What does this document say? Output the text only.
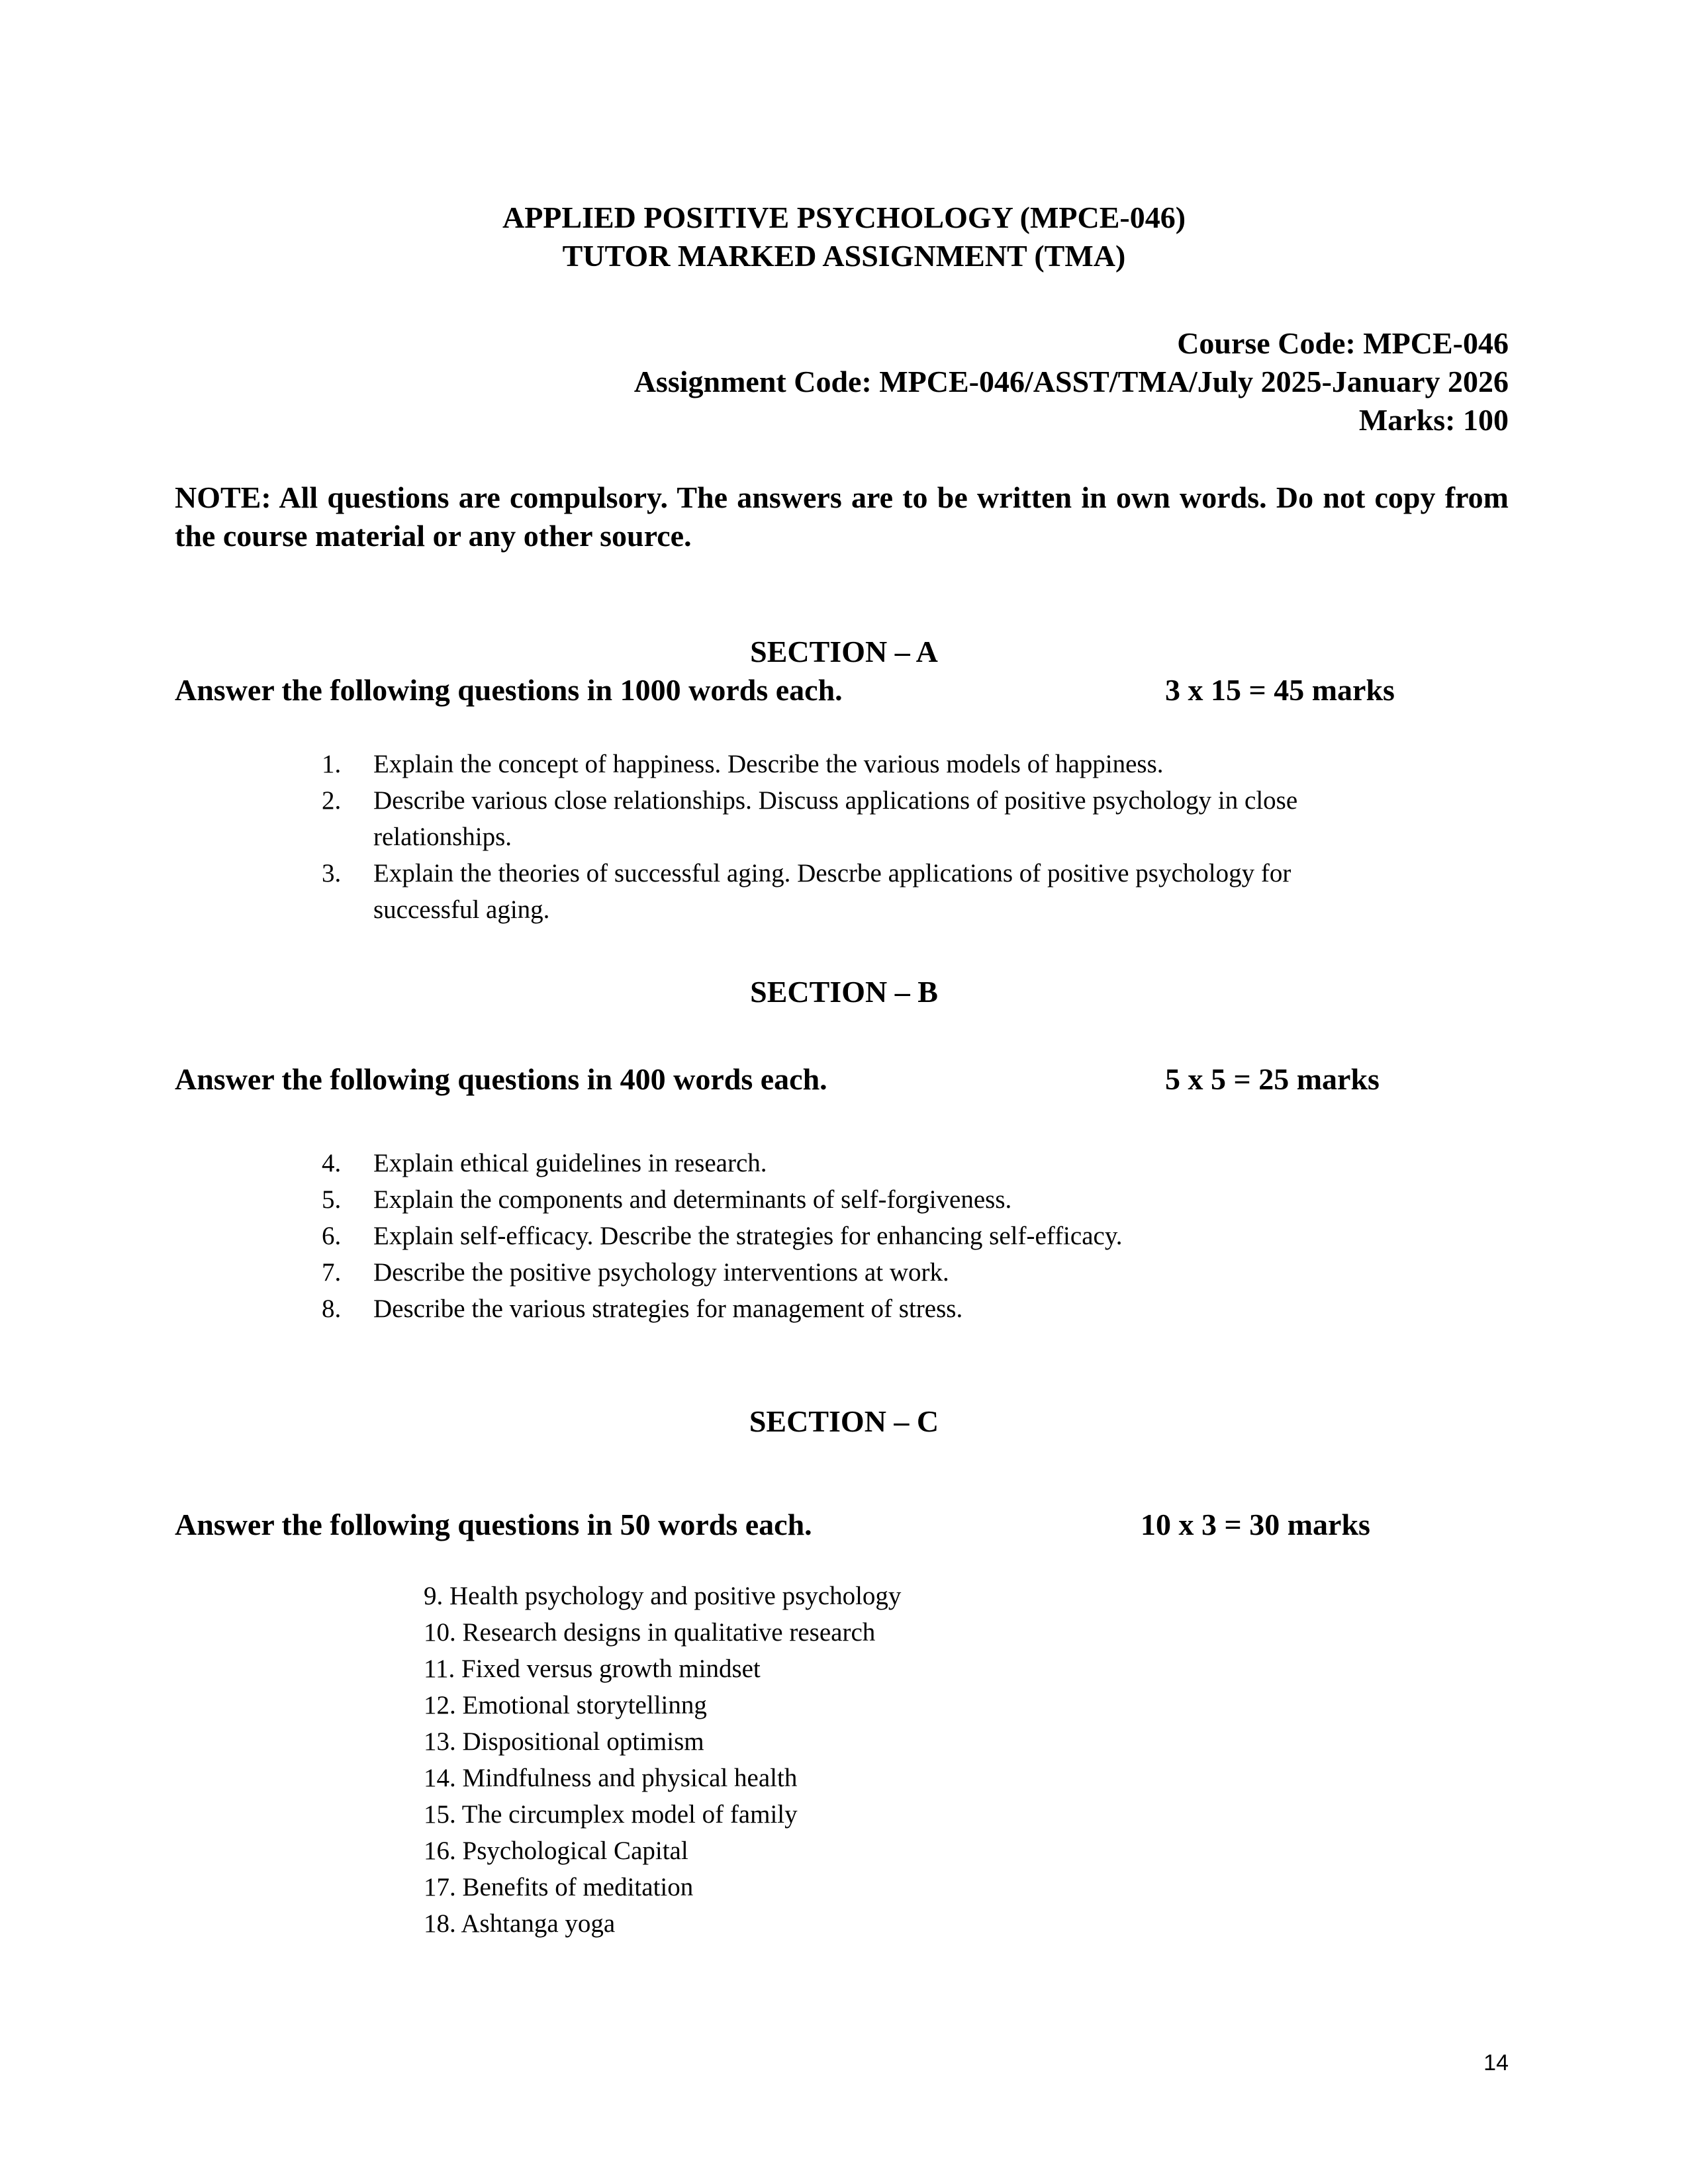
APPLIED POSITIVE PSYCHOLOGY (MPCE-046)
TUTOR MARKED ASSIGNMENT (TMA)
Course Code: MPCE-046
Assignment Code: MPCE-046/ASST/TMA/July 2025-January 2026
Marks: 100
NOTE: All questions are compulsory. The answers are to be written in own words. Do not copy from the course material or any other source.
SECTION – A
Answer the following questions in 1000 words each.	3 x 15 = 45 marks
1. Explain the concept of happiness. Describe the various models of happiness.
2. Describe various close relationships. Discuss applications of positive psychology in close relationships.
3. Explain the theories of successful aging. Descrbe applications of positive psychology for successful aging.
SECTION – B
Answer the following questions in 400 words each.	5 x 5 = 25 marks
4. Explain ethical guidelines in research.
5. Explain the components and determinants of self-forgiveness.
6. Explain self-efficacy. Describe the strategies for enhancing self-efficacy.
7. Describe the positive psychology interventions at work.
8. Describe the various strategies for management of stress.
SECTION – C
Answer the following questions in 50 words each.	10 x 3 = 30 marks
9. Health psychology and positive psychology
10. Research designs in qualitative research
11. Fixed versus growth mindset
12. Emotional storytellinng
13. Dispositional optimism
14. Mindfulness and physical health
15. The circumplex model of family
16. Psychological Capital
17. Benefits of meditation
18. Ashtanga yoga
14
